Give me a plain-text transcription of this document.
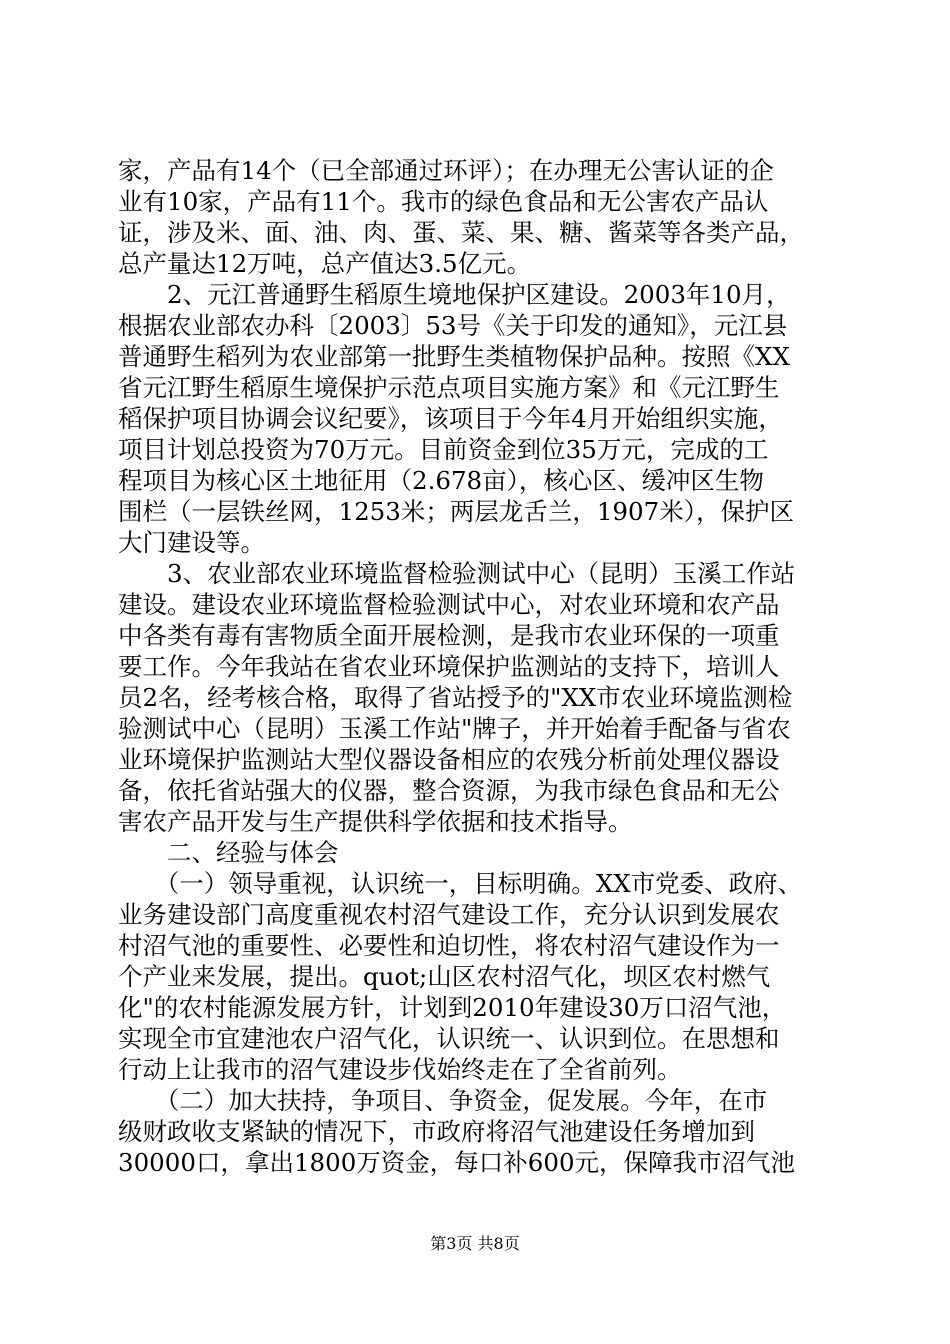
家，产品有14个（已全部通过环评）；在办理无公害认证的企
业有10家，产品有11个。我市的绿色食品和无公害农产品认
证，涉及米、面、油、肉、蛋、菜、果、糖、酱菜等各类产品，
总产量达12万吨，总产值达3.5亿元。
　　2、元江普通野生稻原生境地保护区建设。2003年10月，
根据农业部农办科〔2003〕53号《关于印发的通知》，元江县
普通野生稻列为农业部第一批野生类植物保护品种。按照《XX
省元江野生稻原生境保护示范点项目实施方案》和《元江野生
稻保护项目协调会议纪要》，该项目于今年4月开始组织实施，
项目计划总投资为70万元。目前资金到位35万元，完成的工
程项目为核心区土地征用（2.678亩），核心区、缓冲区生物
围栏（一层铁丝网，1253米；两层龙舌兰，1907米），保护区
大门建设等。
　　3、农业部农业环境监督检验测试中心（昆明）玉溪工作站
建设。建设农业环境监督检验测试中心，对农业环境和农产品
中各类有毒有害物质全面开展检测，是我市农业环保的一项重
要工作。今年我站在省农业环境保护监测站的支持下，培训人
员2名，经考核合格，取得了省站授予的"XX市农业环境监测检
验测试中心（昆明）玉溪工作站"牌子，并开始着手配备与省农
业环境保护监测站大型仪器设备相应的农残分析前处理仪器设
备，依托省站强大的仪器，整合资源，为我市绿色食品和无公
害农产品开发与生产提供科学依据和技术指导。
　　二、经验与体会
　　（一）领导重视，认识统一，目标明确。XX市党委、政府、
业务建设部门高度重视农村沼气建设工作，充分认识到发展农
村沼气池的重要性、必要性和迫切性，将农村沼气建设作为一
个产业来发展，提出。quot;山区农村沼气化，坝区农村燃气
化"的农村能源发展方针，计划到2010年建设30万口沼气池，
实现全市宜建池农户沼气化，认识统一、认识到位。在思想和
行动上让我市的沼气建设步伐始终走在了全省前列。
　　（二）加大扶持，争项目、争资金，促发展。今年，在市
级财政收支紧缺的情况下，市政府将沼气池建设任务增加到
30000口，拿出1800万资金，每口补600元，保障我市沼气池
第3页 共8页
